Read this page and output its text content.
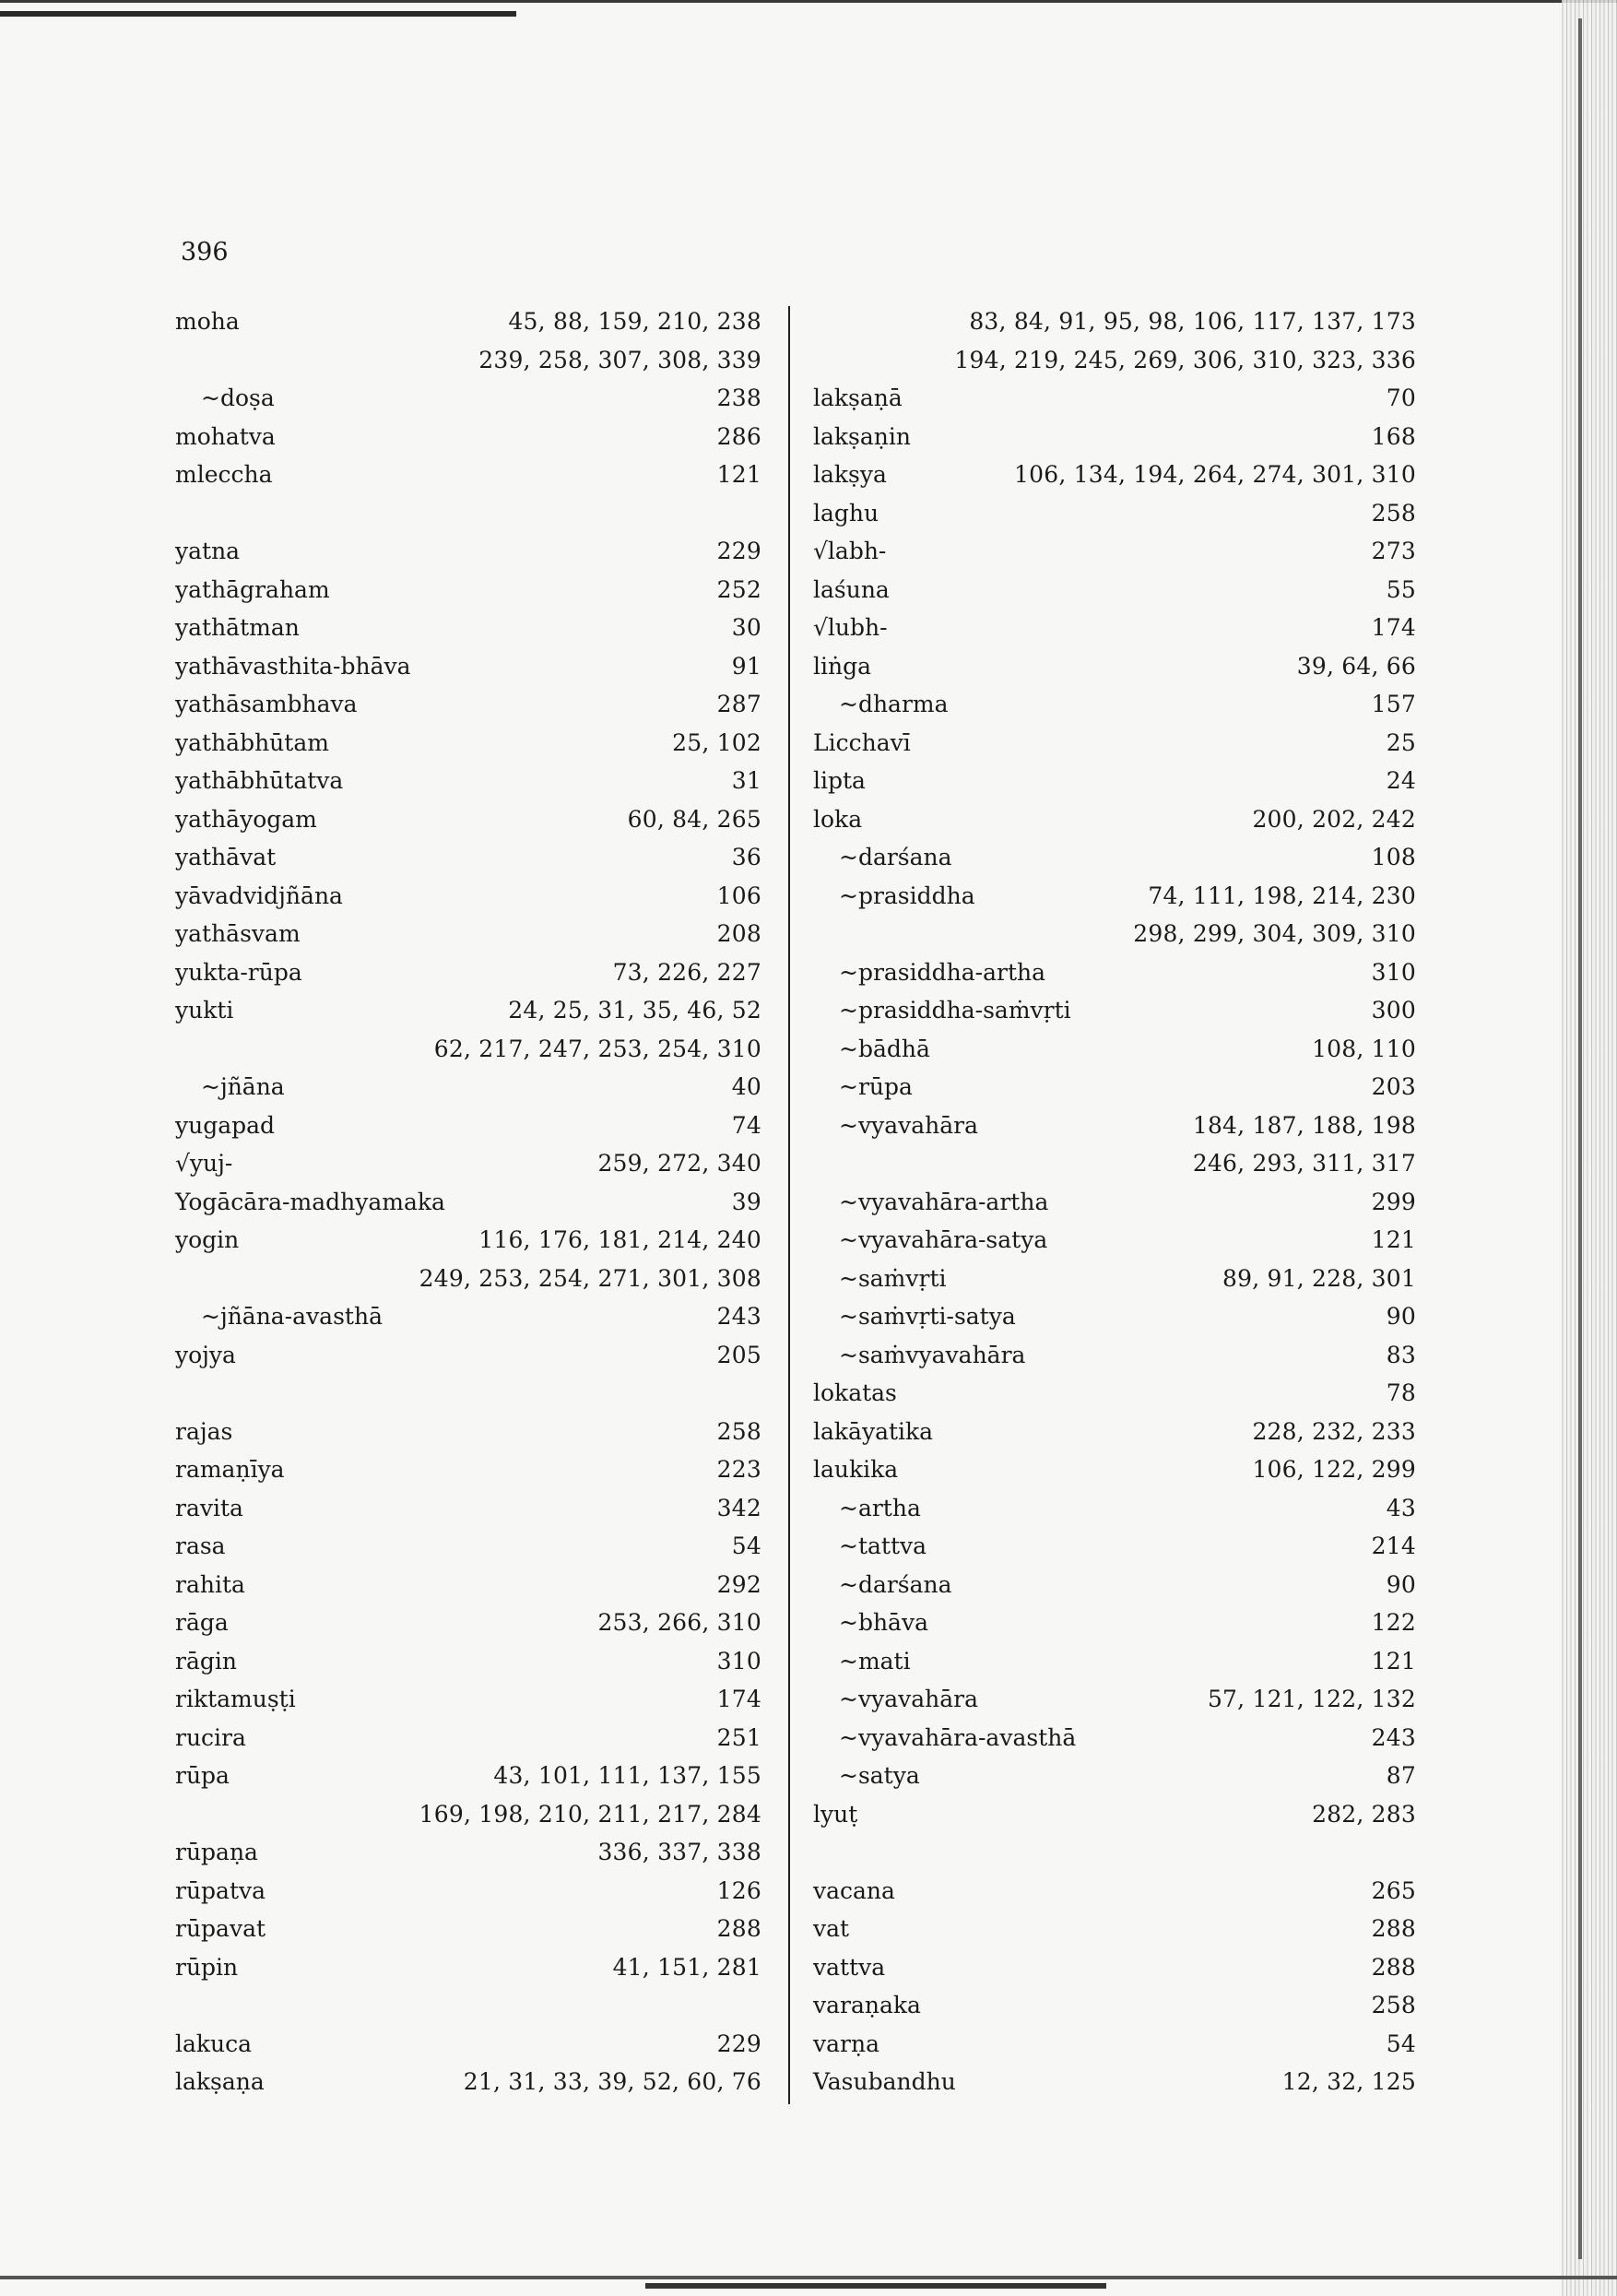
396
moha	45, 88, 159, 210, 238
239, 258, 307, 308, 339
~doṣa	238
mohatva	286
mleccha	121
yatna	229
yathāgraham	252
yathātman	30
yathāvasthita-bhāva	91
yathāsambhava	287
yathābhūtam	25, 102
yathābhūtatva	31
yathāyogam	60, 84, 265
yathāvat	36
yāvadvidjñāna	106
yathāsvam	208
yukta-rūpa	73, 226, 227
yukti	24, 25, 31, 35, 46, 52
62, 217, 247, 253, 254, 310
~jñāna	40
yugapad	74
√yuj-	259, 272, 340
Yogācāra-madhyamaka	39
yogin	116, 176, 181, 214, 240
249, 253, 254, 271, 301, 308
~jñāna-avasthā	243
yojya	205
rajas	258
ramaṇīya	223
ravita	342
rasa	54
rahita	292
rāga	253, 266, 310
rāgin	310
riktamuṣṭi	174
rucira	251
rūpa	43, 101, 111, 137, 155
169, 198, 210, 211, 217, 284
rūpaṇa	336, 337, 338
rūpatva	126
rūpavat	288
rūpin	41, 151, 281
lakuca	229
lakṣaṇa	21, 31, 33, 39, 52, 60, 76
83, 84, 91, 95, 98, 106, 117, 137, 173
194, 219, 245, 269, 306, 310, 323, 336
lakṣaṇā	70
lakṣaṇin	168
lakṣya	106, 134, 194, 264, 274, 301, 310
laghu	258
√labh-	273
laśuna	55
√lubh-	174
liṅga	39, 64, 66
~dharma	157
Licchavī	25
lipta	24
loka	200, 202, 242
~darśana	108
~prasiddha	74, 111, 198, 214, 230
298, 299, 304, 309, 310
~prasiddha-artha	310
~prasiddha-saṁvṛti	300
~bādhā	108, 110
~rūpa	203
~vyavahāra	184, 187, 188, 198
246, 293, 311, 317
~vyavahāra-artha	299
~vyavahāra-satya	121
~saṁvṛti	89, 91, 228, 301
~saṁvṛti-satya	90
~saṁvyavahāra	83
lokatas	78
lakāyatika	228, 232, 233
laukika	106, 122, 299
~artha	43
~tattva	214
~darśana	90
~bhāva	122
~mati	121
~vyavahāra	57, 121, 122, 132
~vyavahāra-avasthā	243
~satya	87
lyuṭ	282, 283
vacana	265
vat	288
vattva	288
varaṇaka	258
varṇa	54
Vasubandhu	12, 32, 125
